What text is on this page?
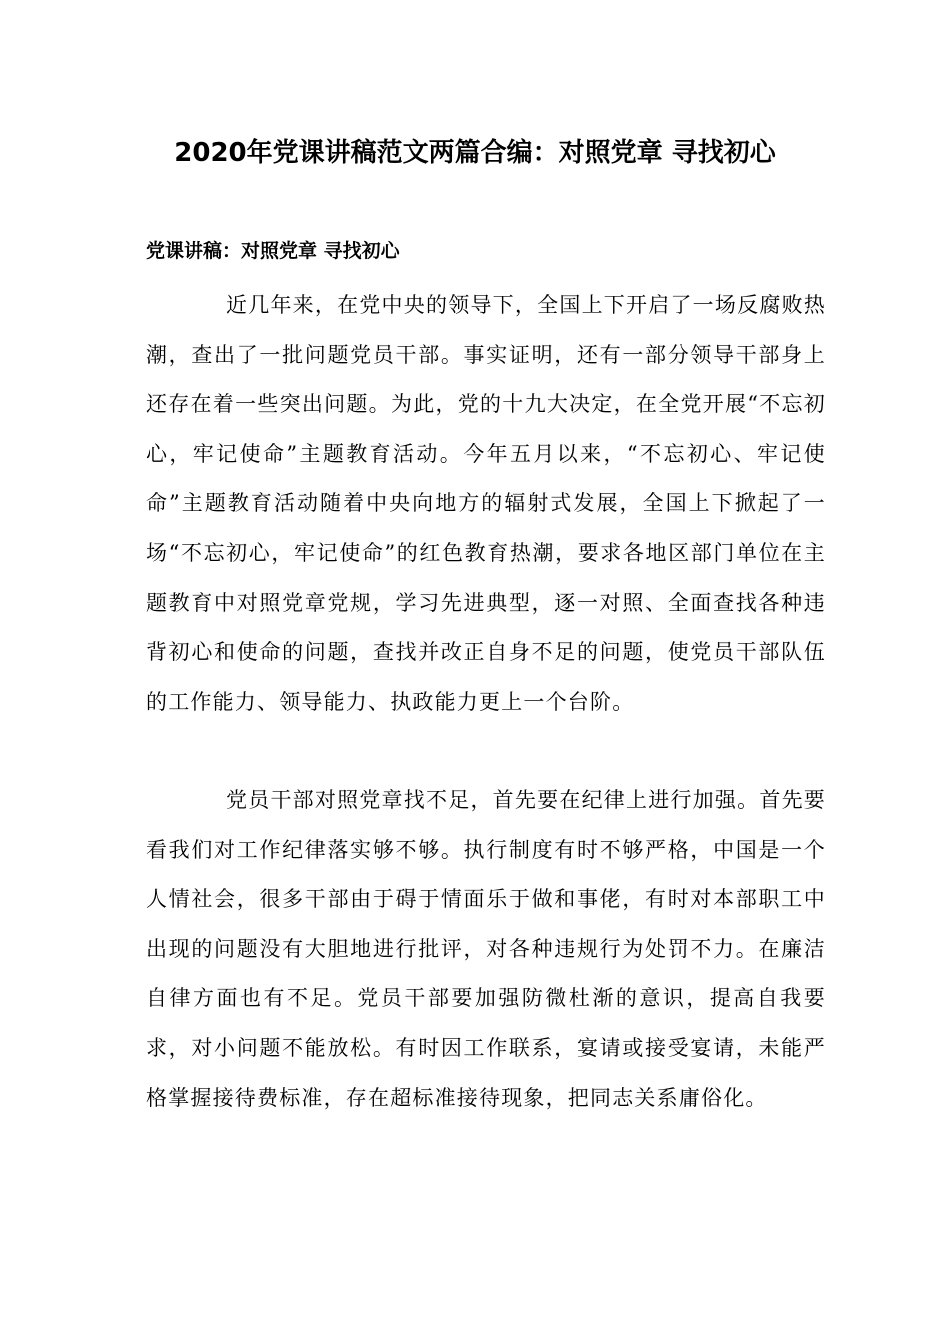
2020年党课讲稿范文两篇合编：对照党章 寻找初心
党课讲稿：对照党章 寻找初心

近几年来，在党中央的领导下，全国上下开启了一场反腐败热潮，查出了一批问题党员干部。事实证明，还有一部分领导干部身上还存在着一些突出问题。为此，党的十九大决定，在全党开展“不忘初心，牢记使命”主题教育活动。今年五月以来，“不忘初心、牢记使命”主题教育活动随着中央向地方的辐射式发展，全国上下掀起了一场“不忘初心，牢记使命”的红色教育热潮，要求各地区部门单位在主题教育中对照党章党规，学习先进典型，逐一对照、全面查找各种违背初心和使命的问题，查找并改正自身不足的问题，使党员干部队伍的工作能力、领导能力、执政能力更上一个台阶。

党员干部对照党章找不足，首先要在纪律上进行加强。首先要看我们对工作纪律落实够不够。执行制度有时不够严格，中国是一个人情社会，很多干部由于碍于情面乐于做和事佬，有时对本部职工中出现的问题没有大胆地进行批评，对各种违规行为处罚不力。在廉洁自律方面也有不足。党员干部要加强防微杜渐的意识，提高自我要求，对小问题不能放松。有时因工作联系，宴请或接受宴请，未能严格掌握接待费标准，存在超标准接待现象，把同志关系庸俗化。
